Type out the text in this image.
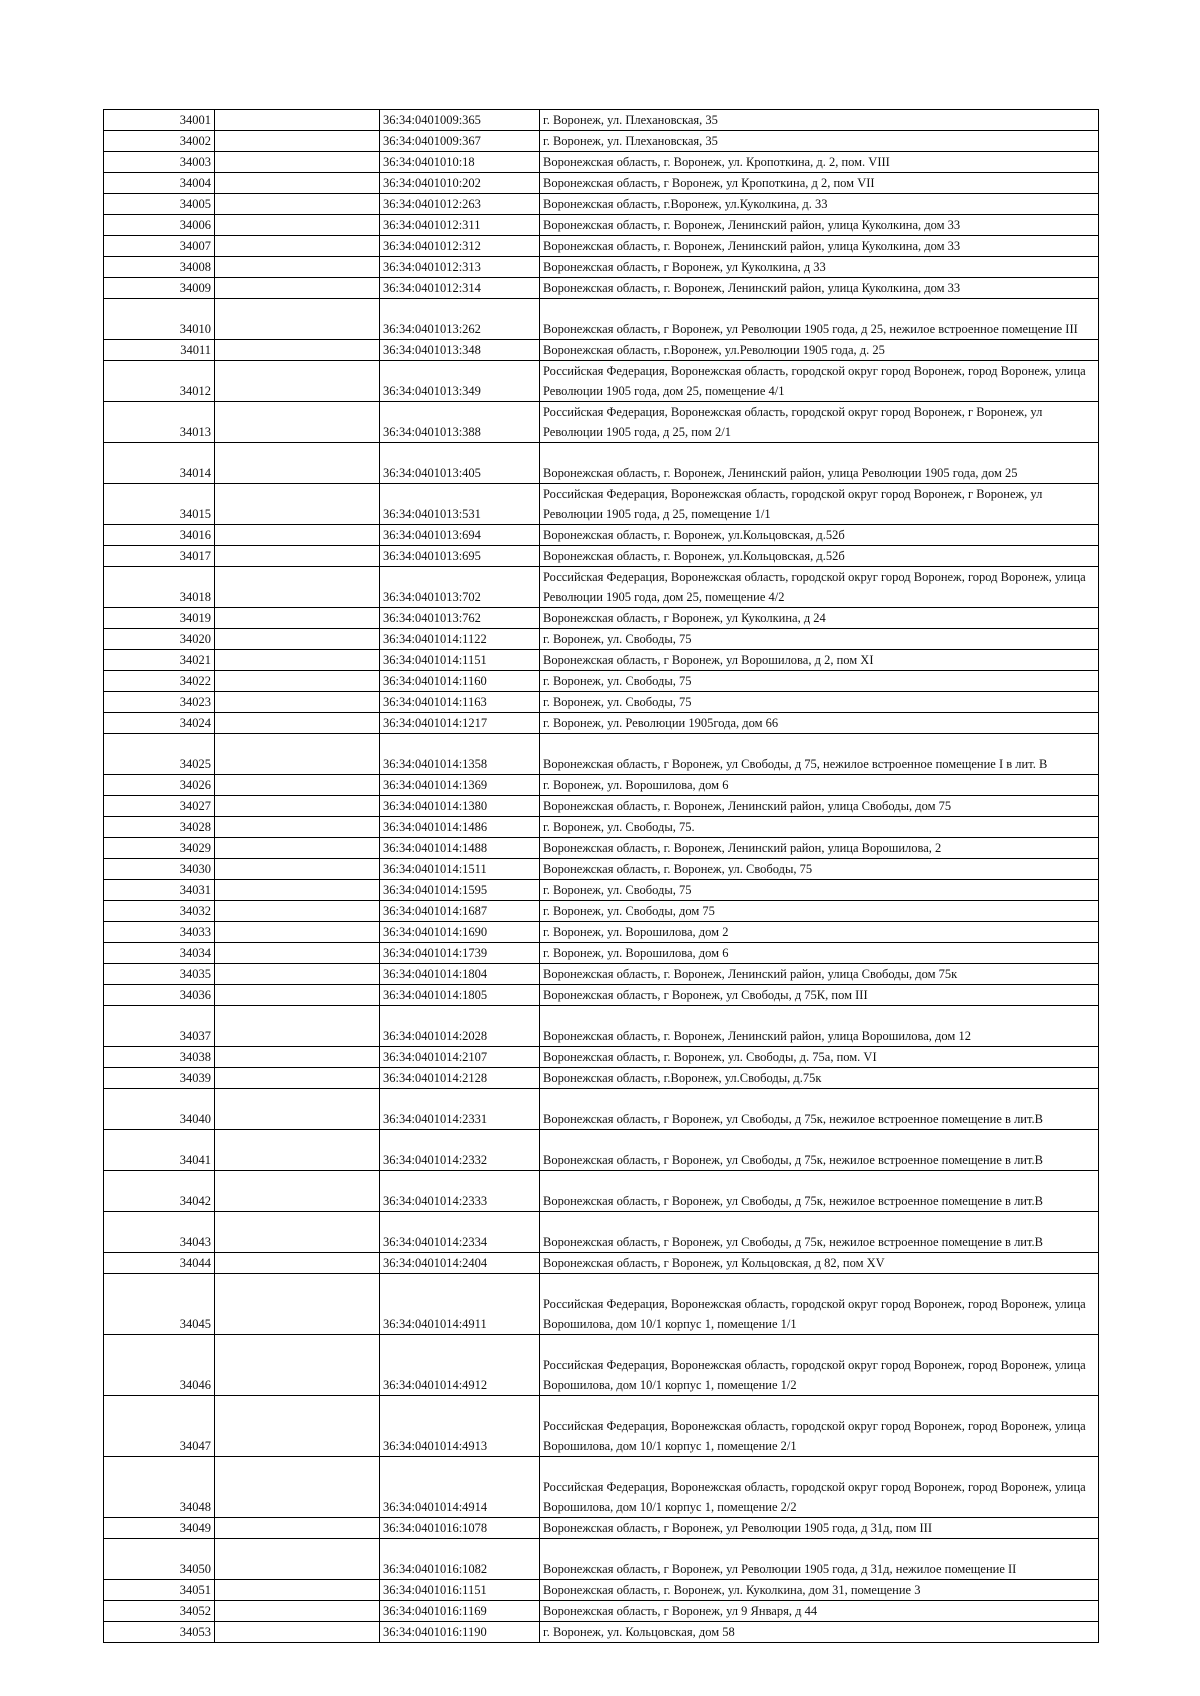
34001		36:34:0401009:365	г. Воронеж, ул. Плехановская, 35
34002		36:34:0401009:367	г. Воронеж, ул. Плехановская, 35
34003		36:34:0401010:18	Воронежская область, г. Воронеж, ул. Кропоткина, д. 2, пом. VIII
34004		36:34:0401010:202	Воронежская область, г Воронеж, ул Кропоткина, д 2, пом VII
34005		36:34:0401012:263	Воронежская область, г.Воронеж, ул.Куколкина, д. 33
34006		36:34:0401012:311	Воронежская область, г. Воронеж, Ленинский район, улица Куколкина, дом 33
34007		36:34:0401012:312	Воронежская область, г. Воронеж, Ленинский район, улица Куколкина, дом 33
34008		36:34:0401012:313	Воронежская область, г Воронеж, ул Куколкина, д 33
34009		36:34:0401012:314	Воронежская область, г. Воронеж, Ленинский район, улица Куколкина, дом 33
34010		36:34:0401013:262	Воронежская область, г Воронеж, ул Революции 1905 года, д 25, нежилое встроенное помещение III
34011		36:34:0401013:348	Воронежская область, г.Воронеж, ул.Революции 1905 года, д. 25
34012		36:34:0401013:349	Российская Федерация, Воронежская область, городской округ город Воронеж, город Воронеж, улица Революции 1905 года, дом 25, помещение 4/1
34013		36:34:0401013:388	Российская Федерация, Воронежская область, городской округ город Воронеж, г Воронеж, ул Революции 1905 года, д 25, пом 2/1
34014		36:34:0401013:405	Воронежская область, г. Воронеж, Ленинский район, улица Революции 1905 года, дом 25
34015		36:34:0401013:531	Российская Федерация, Воронежская область, городской округ город Воронеж, г Воронеж, ул Революции 1905 года, д 25, помещение 1/1
34016		36:34:0401013:694	Воронежская область, г. Воронеж, ул.Кольцовская, д.52б
34017		36:34:0401013:695	Воронежская область, г. Воронеж, ул.Кольцовская, д.52б
34018		36:34:0401013:702	Российская Федерация, Воронежская область, городской округ город Воронеж, город Воронеж, улица Революции 1905 года, дом 25, помещение 4/2
34019		36:34:0401013:762	Воронежская область, г Воронеж, ул Куколкина, д 24
34020		36:34:0401014:1122	г. Воронеж, ул. Свободы, 75
34021		36:34:0401014:1151	Воронежская область, г Воронеж, ул Ворошилова, д 2, пом XI
34022		36:34:0401014:1160	г. Воронеж, ул. Свободы, 75
34023		36:34:0401014:1163	г. Воронеж, ул. Свободы, 75
34024		36:34:0401014:1217	г. Воронеж, ул. Революции 1905года, дом 66
34025		36:34:0401014:1358	Воронежская область, г Воронеж, ул Свободы, д 75, нежилое встроенное помещение I в лит. В
34026		36:34:0401014:1369	г. Воронеж, ул. Ворошилова, дом 6
34027		36:34:0401014:1380	Воронежская область, г. Воронеж, Ленинский район, улица Свободы, дом 75
34028		36:34:0401014:1486	г. Воронеж, ул. Свободы, 75.
34029		36:34:0401014:1488	Воронежская область, г. Воронеж, Ленинский район, улица Ворошилова, 2
34030		36:34:0401014:1511	Воронежская область, г. Воронеж, ул. Свободы, 75
34031		36:34:0401014:1595	г. Воронеж, ул. Свободы, 75
34032		36:34:0401014:1687	г. Воронеж, ул. Свободы, дом 75
34033		36:34:0401014:1690	г. Воронеж, ул. Ворошилова, дом 2
34034		36:34:0401014:1739	г. Воронеж, ул. Ворошилова, дом 6
34035		36:34:0401014:1804	Воронежская область, г. Воронеж, Ленинский район, улица Свободы, дом 75к
34036		36:34:0401014:1805	Воронежская область, г Воронеж, ул Свободы, д 75К, пом III
34037		36:34:0401014:2028	Воронежская область, г. Воронеж, Ленинский район, улица Ворошилова, дом 12
34038		36:34:0401014:2107	Воронежская область, г. Воронеж, ул. Свободы, д. 75а, пом. VI
34039		36:34:0401014:2128	Воронежская область, г.Воронеж, ул.Свободы, д.75к
34040		36:34:0401014:2331	Воронежская область, г Воронеж, ул Свободы, д 75к, нежилое встроенное помещение в лит.В
34041		36:34:0401014:2332	Воронежская область, г Воронеж, ул Свободы, д 75к, нежилое встроенное помещение в лит.В
34042		36:34:0401014:2333	Воронежская область, г Воронеж, ул Свободы, д 75к, нежилое встроенное помещение в лит.В
34043		36:34:0401014:2334	Воронежская область, г Воронеж, ул Свободы, д 75к, нежилое встроенное помещение в лит.В
34044		36:34:0401014:2404	Воронежская область, г Воронеж, ул Кольцовская, д 82, пом XV
34045		36:34:0401014:4911	Российская Федерация, Воронежская область, городской округ город Воронеж, город Воронеж, улица Ворошилова, дом 10/1 корпус 1, помещение 1/1
34046		36:34:0401014:4912	Российская Федерация, Воронежская область, городской округ город Воронеж, город Воронеж, улица Ворошилова, дом 10/1 корпус 1, помещение 1/2
34047		36:34:0401014:4913	Российская Федерация, Воронежская область, городской округ город Воронеж, город Воронеж, улица Ворошилова, дом 10/1 корпус 1, помещение 2/1
34048		36:34:0401014:4914	Российская Федерация, Воронежская область, городской округ город Воронеж, город Воронеж, улица Ворошилова, дом 10/1 корпус 1, помещение 2/2
34049		36:34:0401016:1078	Воронежская область, г Воронеж, ул Революции 1905 года, д 31д, пом III
34050		36:34:0401016:1082	Воронежская область, г Воронеж, ул Революции 1905 года, д 31д, нежилое помещение II
34051		36:34:0401016:1151	Воронежская область, г. Воронеж, ул. Куколкина, дом 31, помещение 3
34052		36:34:0401016:1169	Воронежская область, г Воронеж, ул 9 Января, д 44
34053		36:34:0401016:1190	г. Воронеж, ул. Кольцовская, дом 58
